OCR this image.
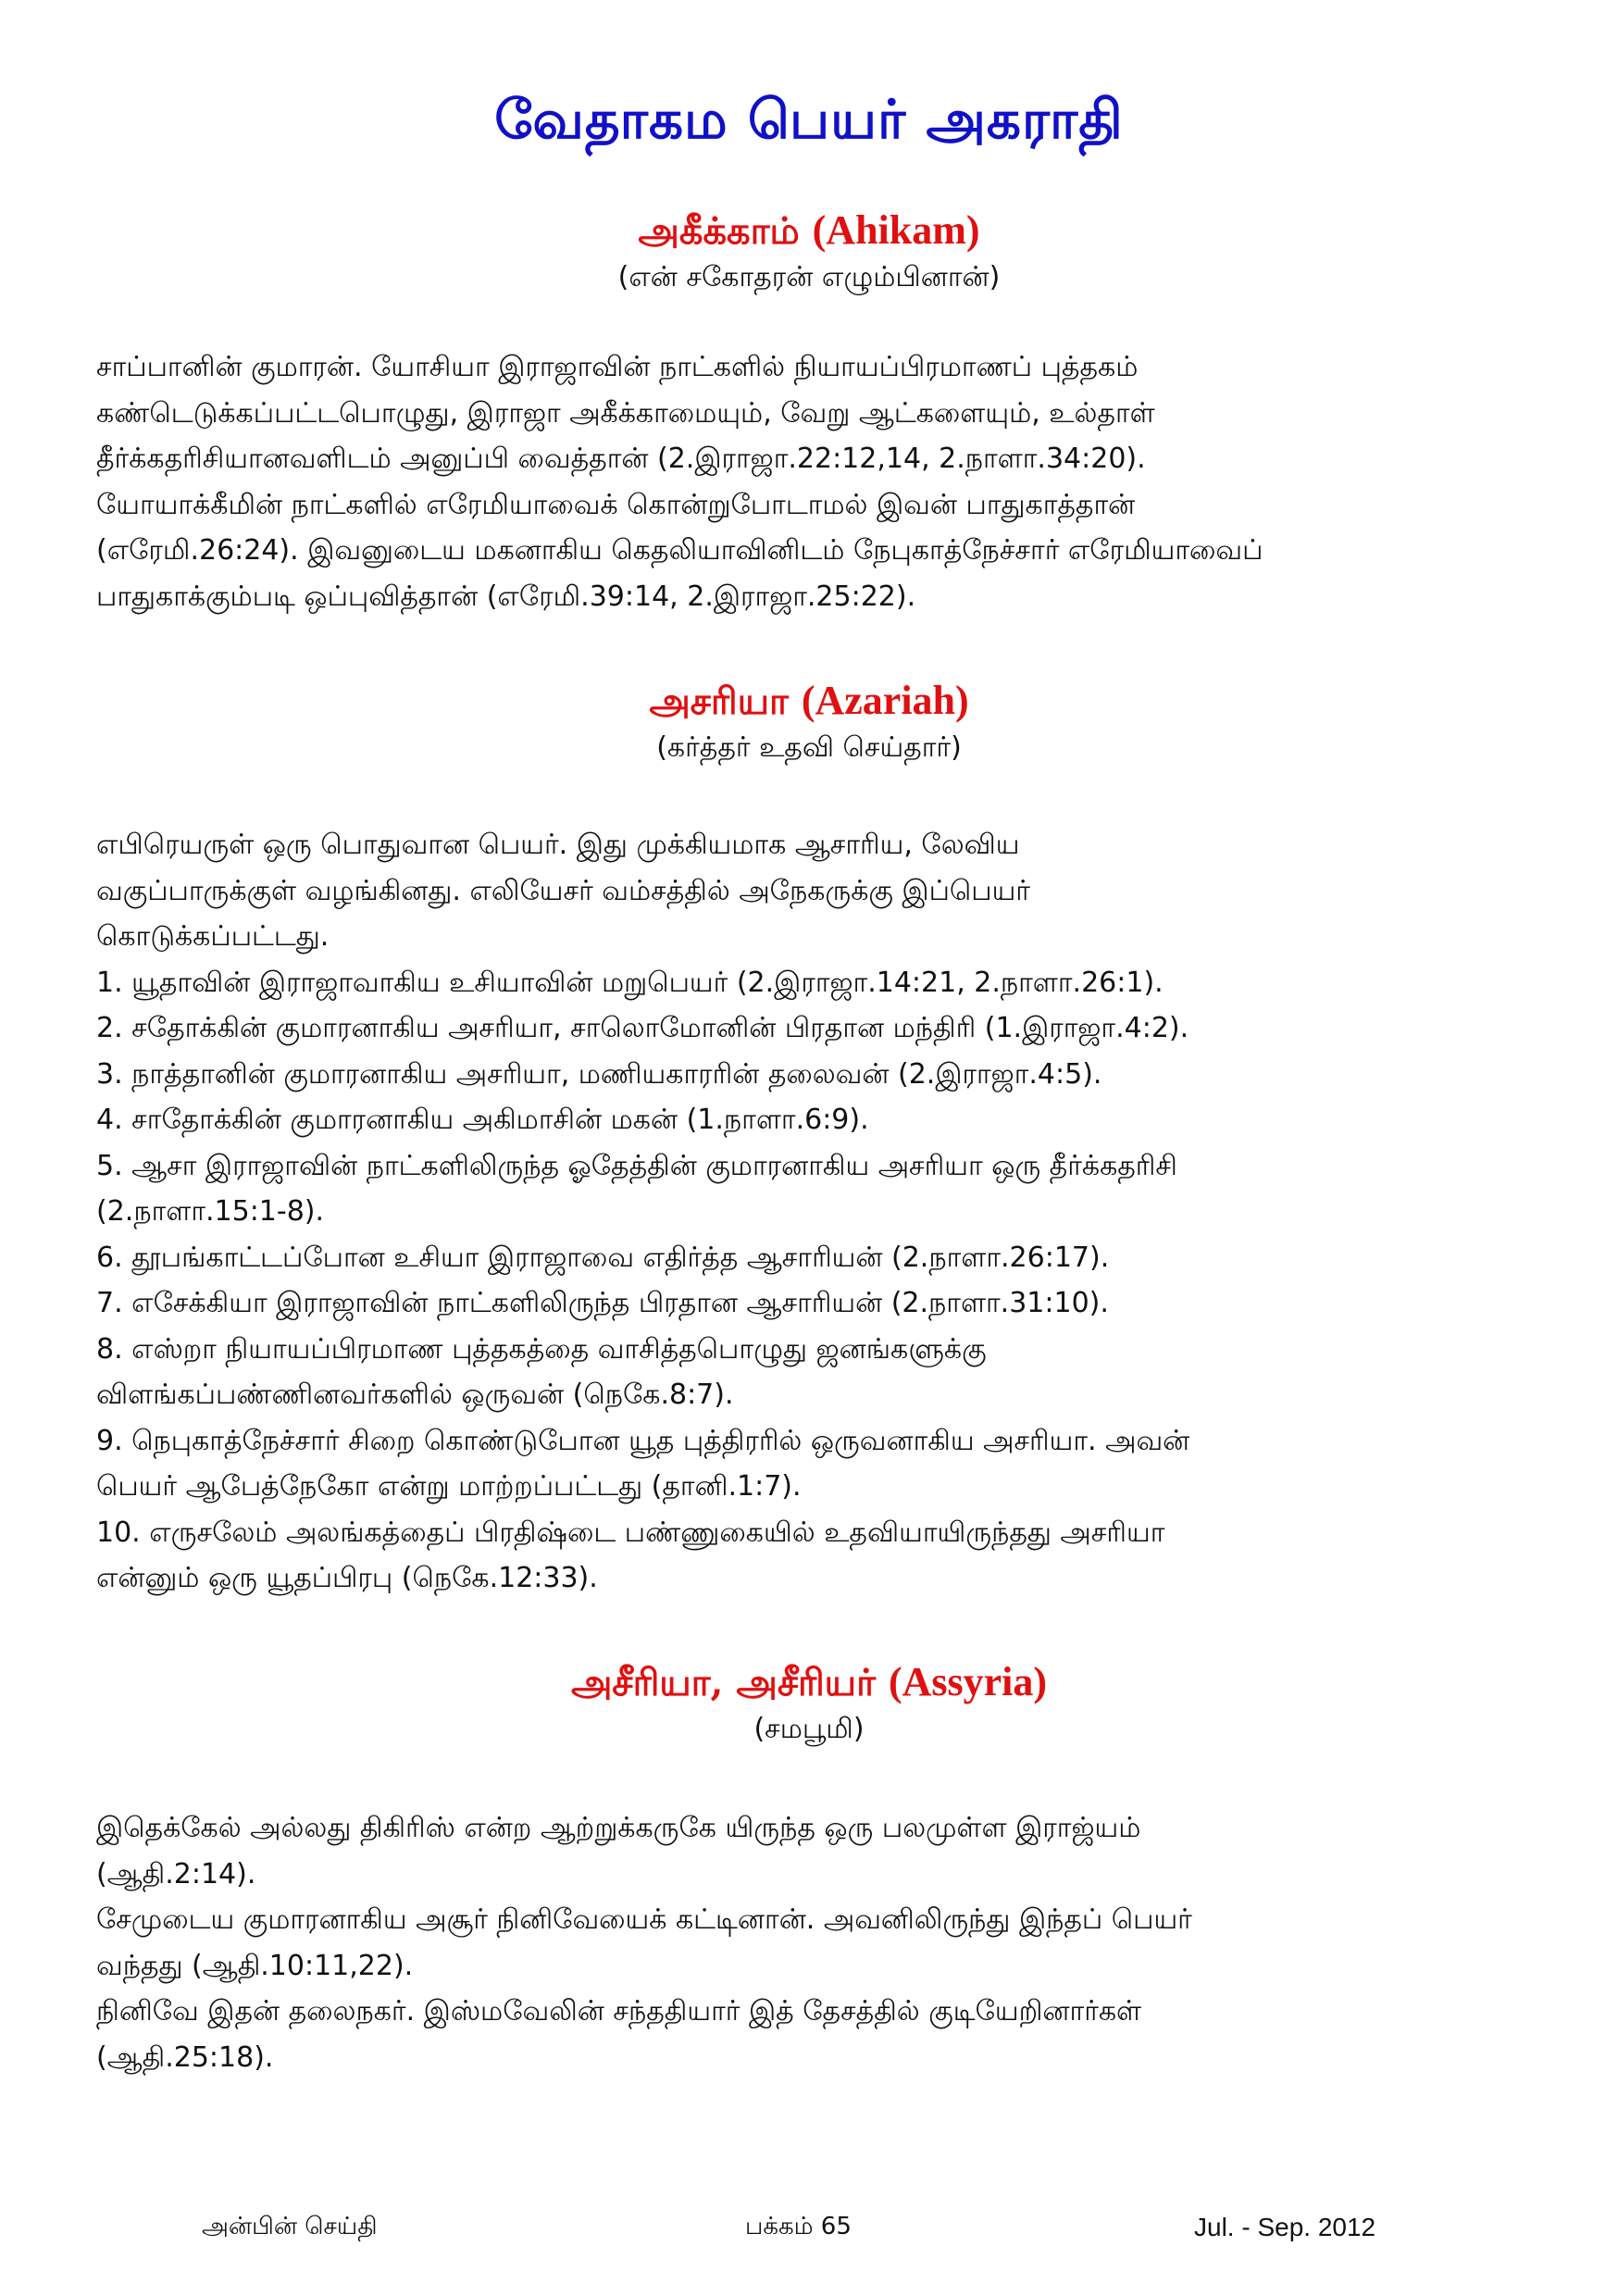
வேதாகம பெயர் அகராதி
அகீக்காம் (Ahikam)
(என் சகோதரன் எழும்பினான்)

சாப்பானின் குமாரன். யோசியா இராஜாவின் நாட்களில் நியாயப்பிரமாணப் புத்தகம்

கண்டெடுக்கப்பட்டபொழுது, இராஜா அகீக்காமையும், வேறு ஆட்களையும், உல்தாள்

தீர்க்கதரிசியானவளிடம் அனுப்பி வைத்தான் (2.இராஜா.22:12,14, 2.நாளா.34:20).

யோயாக்கீமின் நாட்களில் எரேமியாவைக் கொன்றுபோடாமல் இவன் பாதுகாத்தான்

(எரேமி.26:24). இவனுடைய மகனாகிய கெதலியாவினிடம் நேபுகாத்நேச்சார் எரேமியாவைப்

பாதுகாக்கும்படி ஒப்புவித்தான் (எரேமி.39:14, 2.இராஜா.25:22).

அசரியா (Azariah)
(கர்த்தர் உதவி செய்தார்)

எபிரெயருள் ஒரு பொதுவான பெயர். இது முக்கியமாக ஆசாரிய, லேவிய

வகுப்பாருக்குள் வழங்கினது. எலியேசர் வம்சத்தில் அநேகருக்கு இப்பெயர்

கொடுக்கப்பட்டது.

1. யூதாவின் இராஜாவாகிய உசியாவின் மறுபெயர் (2.இராஜா.14:21, 2.நாளா.26:1).

2. சதோக்கின் குமாரனாகிய அசரியா, சாலொமோனின் பிரதான மந்திரி (1.இராஜா.4:2).

3. நாத்தானின் குமாரனாகிய அசரியா, மணியகாரரின் தலைவன் (2.இராஜா.4:5).

4. சாதோக்கின் குமாரனாகிய அகிமாசின் மகன் (1.நாளா.6:9).

5. ஆசா இராஜாவின் நாட்களிலிருந்த ஓதேத்தின் குமாரனாகிய அசரியா ஒரு தீர்க்கதரிசி

(2.நாளா.15:1-8).

6. தூபங்காட்டப்போன உசியா இராஜாவை எதிர்த்த ஆசாரியன் (2.நாளா.26:17).

7. எசேக்கியா இராஜாவின் நாட்களிலிருந்த பிரதான ஆசாரியன் (2.நாளா.31:10).

8. எஸ்றா நியாயப்பிரமாண புத்தகத்தை வாசித்தபொழுது ஜனங்களுக்கு

விளங்கப்பண்ணினவர்களில் ஒருவன் (நெகே.8:7).

9. நெபுகாத்நேச்சார் சிறை கொண்டுபோன யூத புத்திரரில் ஒருவனாகிய அசரியா. அவன்

பெயர் ஆபேத்நேகோ என்று மாற்றப்பட்டது (தானி.1:7).

10. எருசலேம் அலங்கத்தைப் பிரதிஷ்டை பண்ணுகையில் உதவியாயிருந்தது அசரியா

என்னும் ஒரு யூதப்பிரபு (நெகே.12:33).

அசீரியா, அசீரியர் (Assyria)
(சமபூமி)

இதெக்கேல் அல்லது திகிரிஸ் என்ற ஆற்றுக்கருகே யிருந்த ஒரு பலமுள்ள இராஜ்யம்

(ஆதி.2:14).

சேமுடைய குமாரனாகிய அசூர் நினிவேயைக் கட்டினான். அவனிலிருந்து இந்தப் பெயர்

வந்தது (ஆதி.10:11,22).

நினிவே இதன் தலைநகர். இஸ்மவேலின் சந்ததியார் இத் தேசத்தில் குடியேறினார்கள்

(ஆதி.25:18).

அன்பின் செய்தி	பக்கம் 65	Jul. - Sep. 2012
